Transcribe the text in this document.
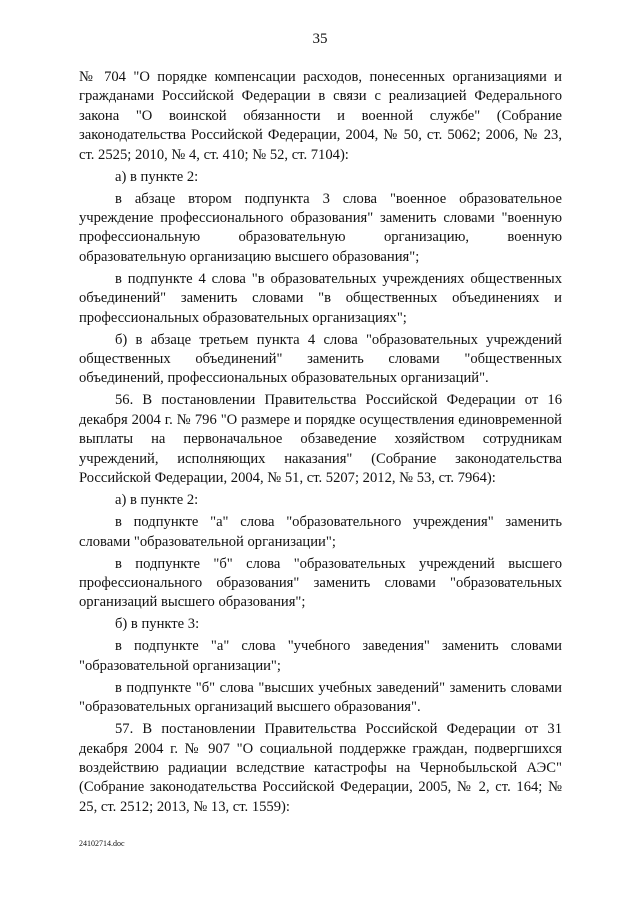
35

№ 704 "О порядке компенсации расходов, понесенных организациями и гражданами Российской Федерации в связи с реализацией Федерального закона "О воинской обязанности и военной службе" (Собрание законодательства Российской Федерации, 2004, № 50, ст. 5062; 2006, № 23, ст. 2525; 2010, № 4, ст. 410; № 52, ст. 7104):

а) в пункте 2:

в абзаце втором подпункта 3 слова "военное образовательное учреждение профессионального образования" заменить словами "военную профессиональную образовательную организацию, военную образовательную организацию высшего образования";

в подпункте 4 слова "в образовательных учреждениях общественных объединений" заменить словами "в общественных объединениях и профессиональных образовательных организациях";

б) в абзаце третьем пункта 4 слова "образовательных учреждений общественных объединений" заменить словами "общественных объединений, профессиональных образовательных организаций".

56. В постановлении Правительства Российской Федерации от 16 декабря 2004 г. № 796 "О размере и порядке осуществления единовременной выплаты на первоначальное обзаведение хозяйством сотрудникам учреждений, исполняющих наказания" (Собрание законодательства Российской Федерации, 2004, № 51, ст. 5207; 2012, № 53, ст. 7964):

а) в пункте 2:

в подпункте "а" слова "образовательного учреждения" заменить словами "образовательной организации";

в подпункте "б" слова "образовательных учреждений высшего профессионального образования" заменить словами "образовательных организаций высшего образования";

б) в пункте 3:

в подпункте "а" слова "учебного заведения" заменить словами "образовательной организации";

в подпункте "б" слова "высших учебных заведений" заменить словами "образовательных организаций высшего образования".

57. В постановлении Правительства Российской Федерации от 31 декабря 2004 г. № 907 "О социальной поддержке граждан, подвергшихся воздействию радиации вследствие катастрофы на Чернобыльской АЭС" (Собрание законодательства Российской Федерации, 2005, № 2, ст. 164; № 25, ст. 2512; 2013, № 13, ст. 1559):

24102714.doc
